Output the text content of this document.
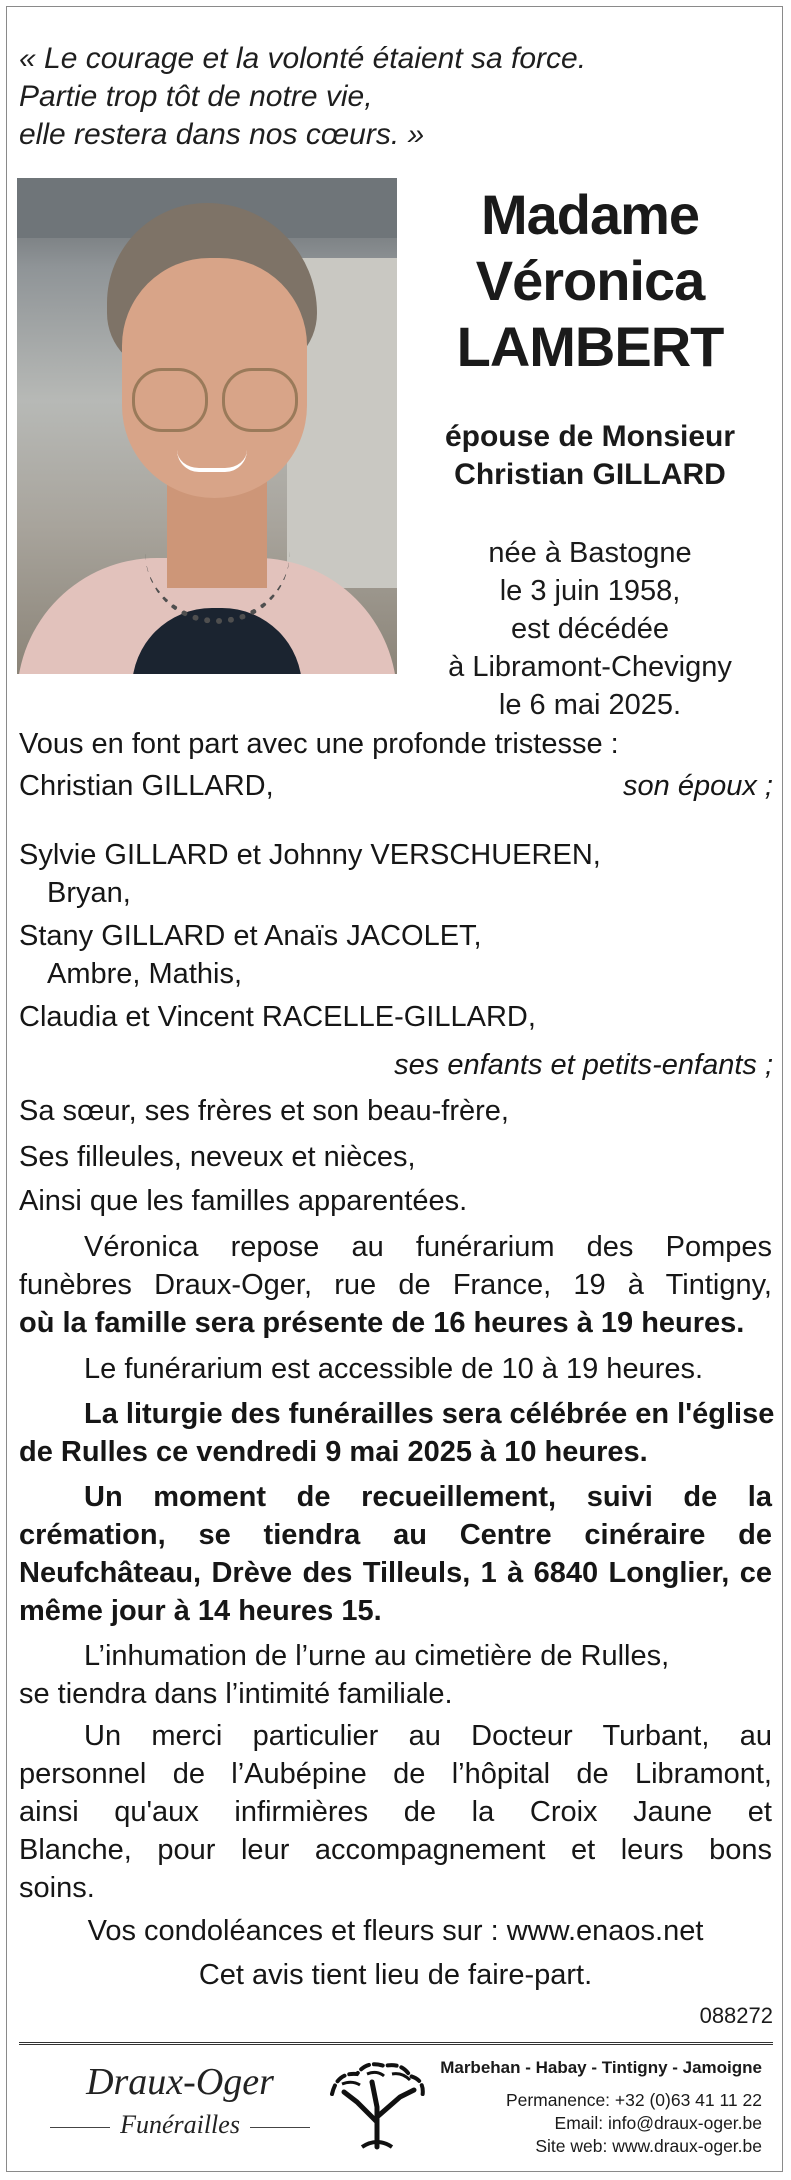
« Le courage et la volonté étaient sa force.
Partie trop tôt de notre vie,
elle restera dans nos cœurs. »
Madame
Véronica
LAMBERT
épouse de Monsieur
Christian GILLARD
née à Bastogne
le 3 juin 1958,
est décédée
à Libramont-Chevigny
le 6 mai 2025.
Vous en font part avec une profonde tristesse :
Christian GILLARD,	son époux ;
Sylvie GILLARD et Johnny VERSCHUEREN,
Bryan,
Stany GILLARD et Anaïs JACOLET,
Ambre, Mathis,
Claudia et Vincent RACELLE-GILLARD,
ses enfants et petits-enfants ;
Sa sœur, ses frères et son beau-frère,
Ses filleules, neveux et nièces,
Ainsi que les familles apparentées.
Véronica repose au funérarium des Pompes
funèbres Draux-Oger, rue de France, 19 à Tintigny,
où la famille sera présente de 16 heures à 19 heures.
Le funérarium est accessible de 10 à 19 heures.
La liturgie des funérailles sera célébrée en l'église
de Rulles ce vendredi 9 mai 2025 à 10 heures.
Un moment de recueillement, suivi de la
crémation, se tiendra au Centre cinéraire de
Neufchâteau, Drève des Tilleuls, 1 à 6840 Longlier, ce
même jour à 14 heures 15.
L’inhumation de l’urne au cimetière de Rulles,
se tiendra dans l’intimité familiale.
Un merci particulier au Docteur Turbant, au
personnel de l’Aubépine de l’hôpital de Libramont,
ainsi qu'aux infirmières de la Croix Jaune et
Blanche, pour leur accompagnement et leurs bons
soins.
Vos condoléances et fleurs sur : www.enaos.net
Cet avis tient lieu de faire-part.
088272
Draux-Oger
Funérailles
Marbehan - Habay - Tintigny - Jamoigne
Permanence: +32 (0)63 41 11 22
Email: info@draux-oger.be
Site web: www.draux-oger.be
